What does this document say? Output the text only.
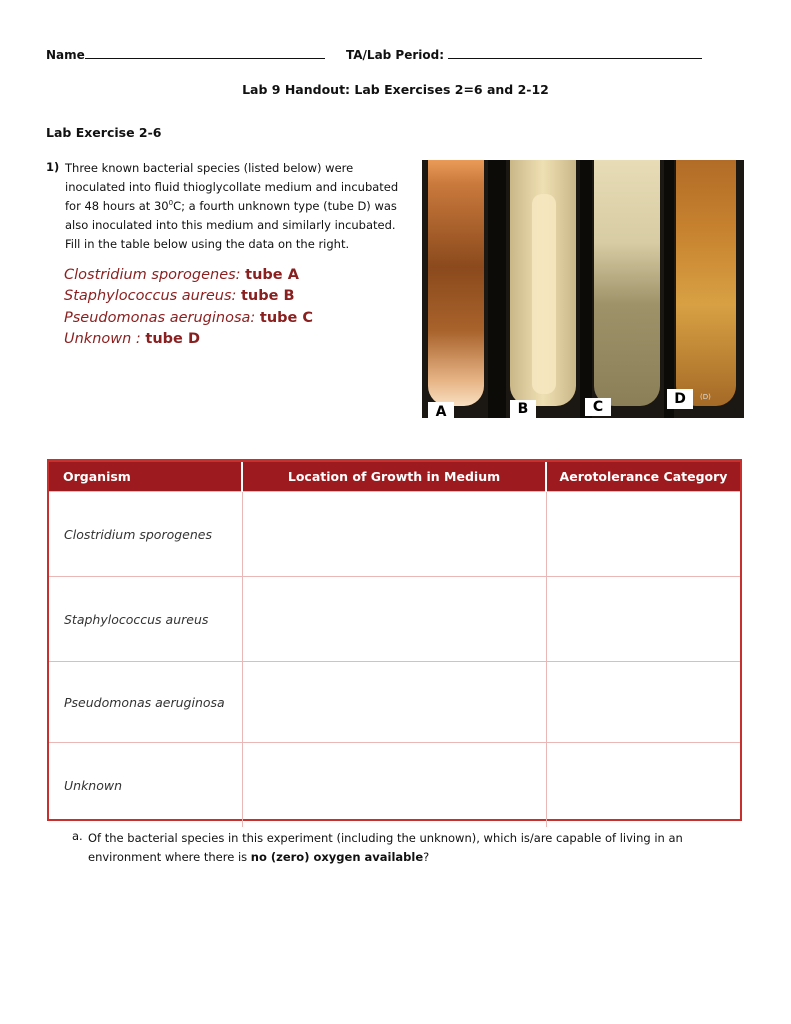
Name	TA/Lab Period:
Lab 9 Handout: Lab Exercises 2=6 and 2-12
Lab Exercise 2-6
1) Three known bacterial species (listed below) were inoculated into fluid thioglycollate medium and incubated for 48 hours at $30^0C$; a fourth unknown type (tube D) was also inoculated into this medium and similarly incubated. Fill in the table below using the data on the right.
Clostridium sporogenes: tube A
Staphylococcus aureus: tube B
Pseudomonas aeruginosa: tube C
Unknown : tube D
A	B	C	D	(D)
Organism	Location of Growth in Medium	Aerotolerance Category
Clostridium sporogenes		
Staphylococcus aureus		
Pseudomonas aeruginosa		
Unknown		
a. Of the bacterial species in this experiment (including the unknown), which is/are capable of living in an environment where there is no (zero) oxygen available?
